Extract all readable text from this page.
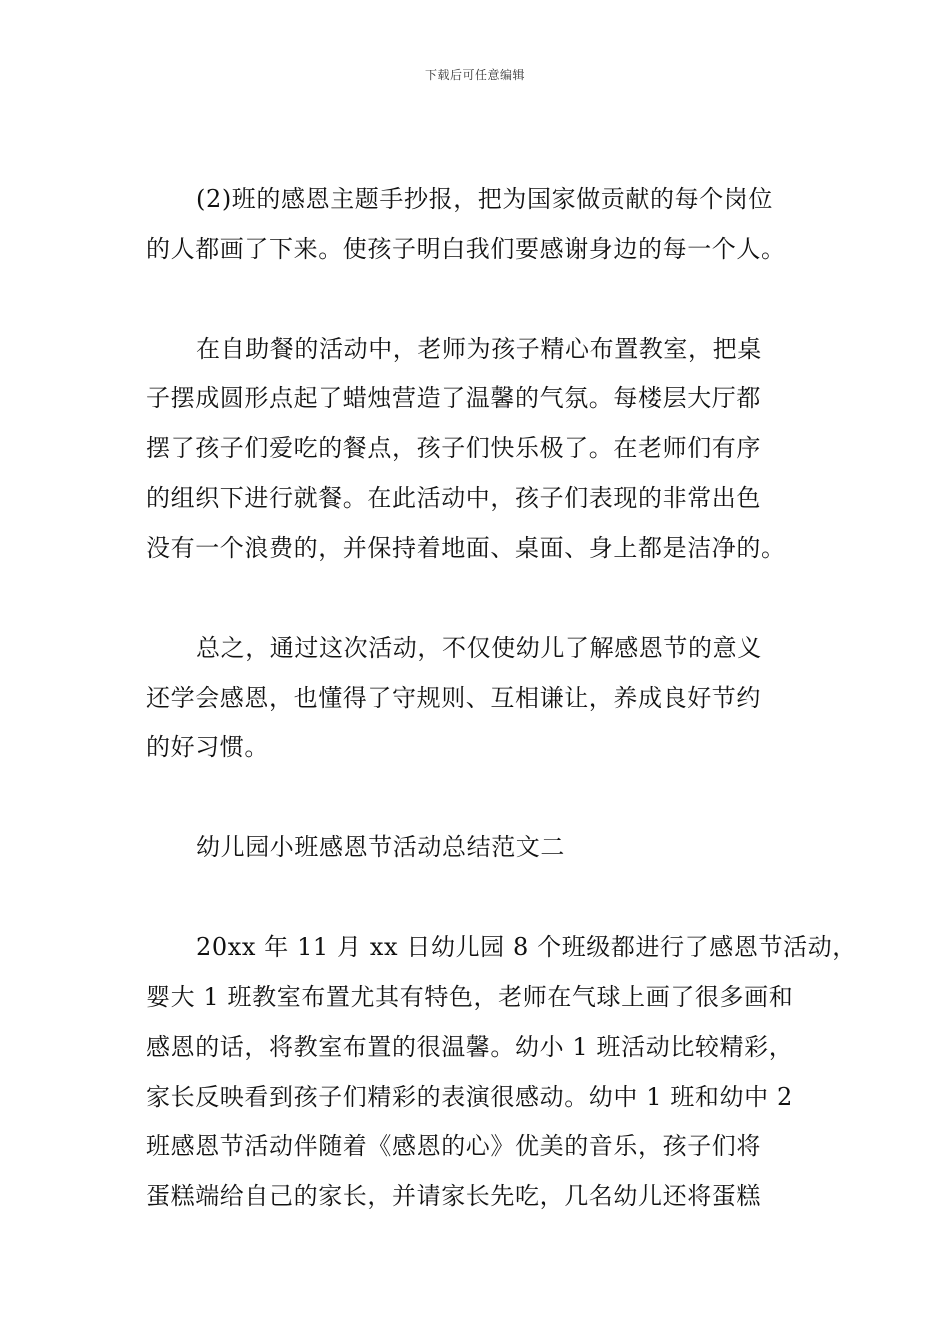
下载后可任意编辑
(2)班的感恩主题手抄报，把为国家做贡献的每个岗位
的人都画了下来。使孩子明白我们要感谢身边的每一个人。
在自助餐的活动中，老师为孩子精心布置教室，把桌
子摆成圆形点起了蜡烛营造了温馨的气氛。每楼层大厅都
摆了孩子们爱吃的餐点，孩子们快乐极了。在老师们有序
的组织下进行就餐。在此活动中，孩子们表现的非常出色
没有一个浪费的，并保持着地面、桌面、身上都是洁净的。
总之，通过这次活动，不仅使幼儿了解感恩节的意义
还学会感恩，也懂得了守规则、互相谦让，养成良好节约
的好习惯。
幼儿园小班感恩节活动总结范文二
20xx 年 11 月 xx 日幼儿园 8 个班级都进行了感恩节活动，
婴大 1 班教室布置尤其有特色，老师在气球上画了很多画和
感恩的话，将教室布置的很温馨。幼小 1 班活动比较精彩，
家长反映看到孩子们精彩的表演很感动。幼中 1 班和幼中 2
班感恩节活动伴随着《感恩的心》优美的音乐，孩子们将
蛋糕端给自己的家长，并请家长先吃，几名幼儿还将蛋糕
